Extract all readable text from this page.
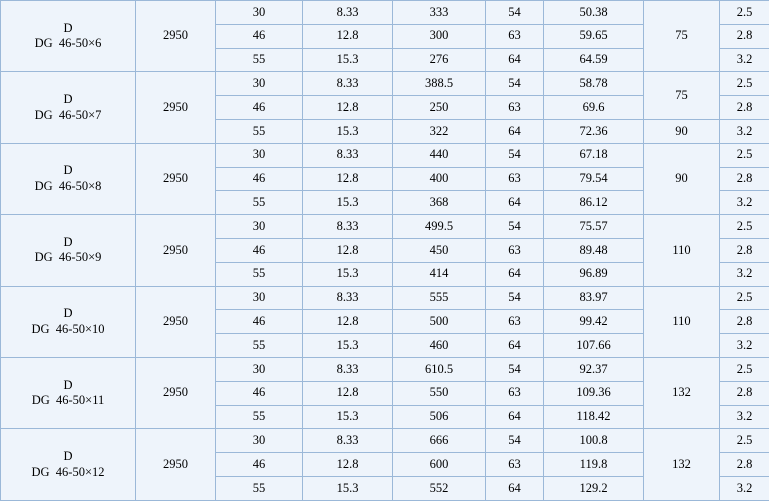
D
DG  46-50×6	2950	30	8.33	333	54	50.38	75	2.5
		46	12.8	300	63	59.65		2.8
		55	15.3	276	64	64.59		3.2

D
DG  46-50×7	2950	30	8.33	388.5	54	58.78	75	2.5
		46	12.8	250	63	69.6		2.8
		55	15.3	322	64	72.36	90	3.2

D
DG  46-50×8	2950	30	8.33	440	54	67.18	90	2.5
		46	12.8	400	63	79.54		2.8
		55	15.3	368	64	86.12		3.2

D
DG  46-50×9	2950	30	8.33	499.5	54	75.57	110	2.5
		46	12.8	450	63	89.48		2.8
		55	15.3	414	64	96.89		3.2

D
DG  46-50×10	2950	30	8.33	555	54	83.97	110	2.5
		46	12.8	500	63	99.42		2.8
		55	15.3	460	64	107.66		3.2

D
DG  46-50×11	2950	30	8.33	610.5	54	92.37	132	2.5
		46	12.8	550	63	109.36		2.8
		55	15.3	506	64	118.42		3.2

D
DG  46-50×12	2950	30	8.33	666	54	100.8	132	2.5
		46	12.8	600	63	119.8		2.8
		55	15.3	552	64	129.2		3.2
